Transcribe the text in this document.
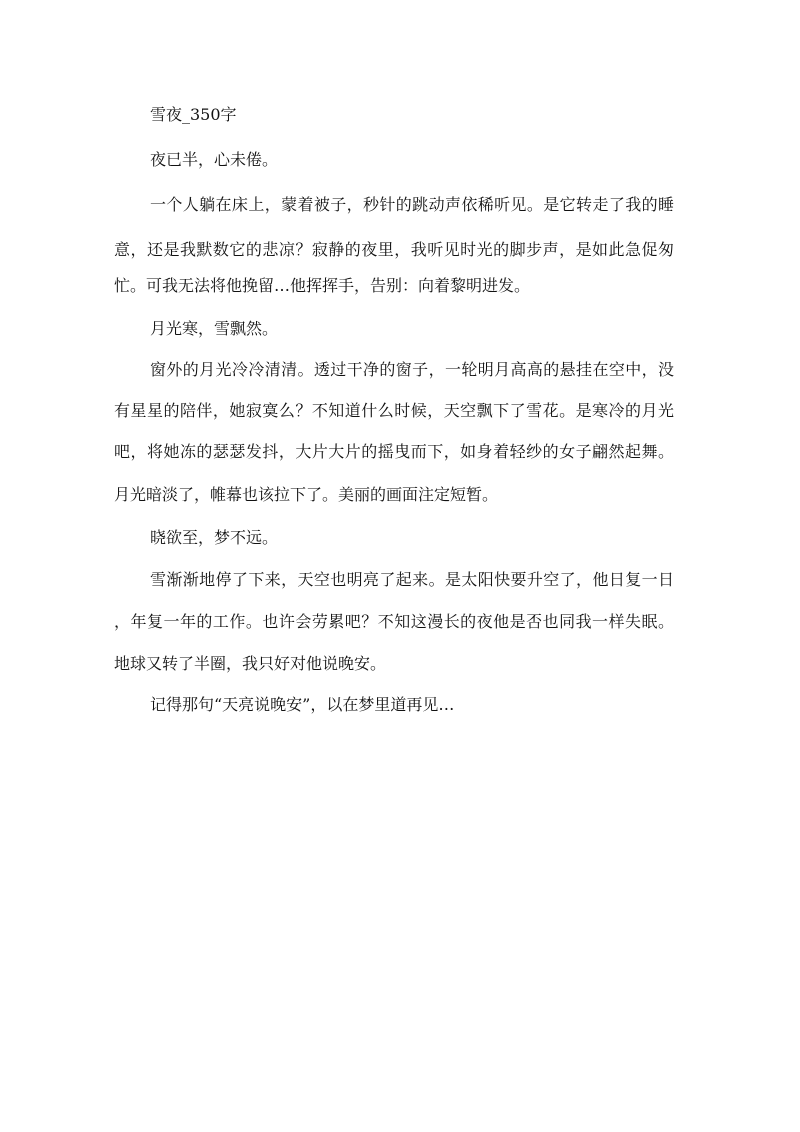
雪夜_350字

夜已半，心未倦。

一个人躺在床上，蒙着被子，秒针的跳动声依稀听见。是它转走了我的睡

意，还是我默数它的悲凉？寂静的夜里，我听见时光的脚步声，是如此急促匆

忙。可我无法将他挽留…他挥挥手，告别：向着黎明进发。

月光寒，雪飘然。

窗外的月光冷冷清清。透过干净的窗子，一轮明月高高的悬挂在空中，没

有星星的陪伴，她寂寞么？不知道什么时候，天空飘下了雪花。是寒冷的月光

吧，将她冻的瑟瑟发抖，大片大片的摇曳而下，如身着轻纱的女子翩然起舞。

月光暗淡了，帷幕也该拉下了。美丽的画面注定短暂。

晓欲至，梦不远。

雪渐渐地停了下来，天空也明亮了起来。是太阳快要升空了，他日复一日

，年复一年的工作。也许会劳累吧？不知这漫长的夜他是否也同我一样失眠。

地球又转了半圈，我只好对他说晚安。

记得那句“天亮说晚安”，以在梦里道再见…
